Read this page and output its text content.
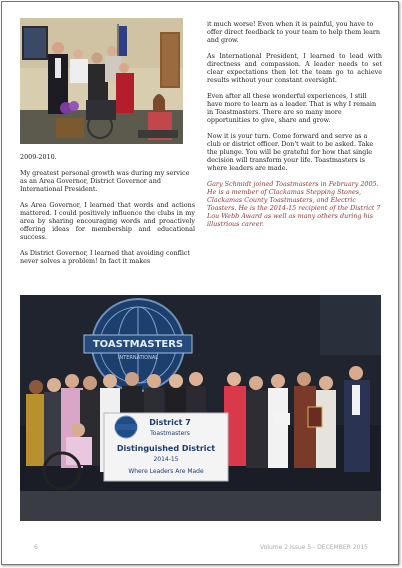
2009-2010.

My greatest personal growth was during my service as an Area Governor, District Governor and International President.

As Area Governor, I learned that words and actions mattered. I could positively influence the clubs in my area by sharing encouraging words and proactively offering ideas for membership and educational success.

As District Governor, I learned that avoiding conflict never solves a problem! In fact it makes

it much worse! Even when it is painful, you have to offer direct feedback to your team to help them learn and grow.

As International President, I learned to lead with directness and compassion. A leader needs to set clear expectations then let the team go to achieve results without your constant oversight.

Even after all these wonderful experiences, I still have more to learn as a leader. That is why I remain in Toastmasters. There are so many more opportunities to give, share and grow.

Now it is your turn. Come forward and serve as a club or district officer. Don't wait to be asked. Take the plunge. You will be grateful for how that single decision will transform your life. Toastmasters is where leaders are made.

Gary Schmidt joined Toastmasters in February 2005. He is a member of Clackamas Stepping Stones, Clackamas County Toastmasters, and Electric Toasters. He is the 2014-15 recipient of the District 7 Lou Webb Award as well as many others during his illustrious career.

TOASTMASTERS
INTERNATIONAL
District 7
Toastmasters
Distinguished District
2014-15
Where Leaders Are Made
6	Volume 2 Issue 5 - DECEMBER 2015
